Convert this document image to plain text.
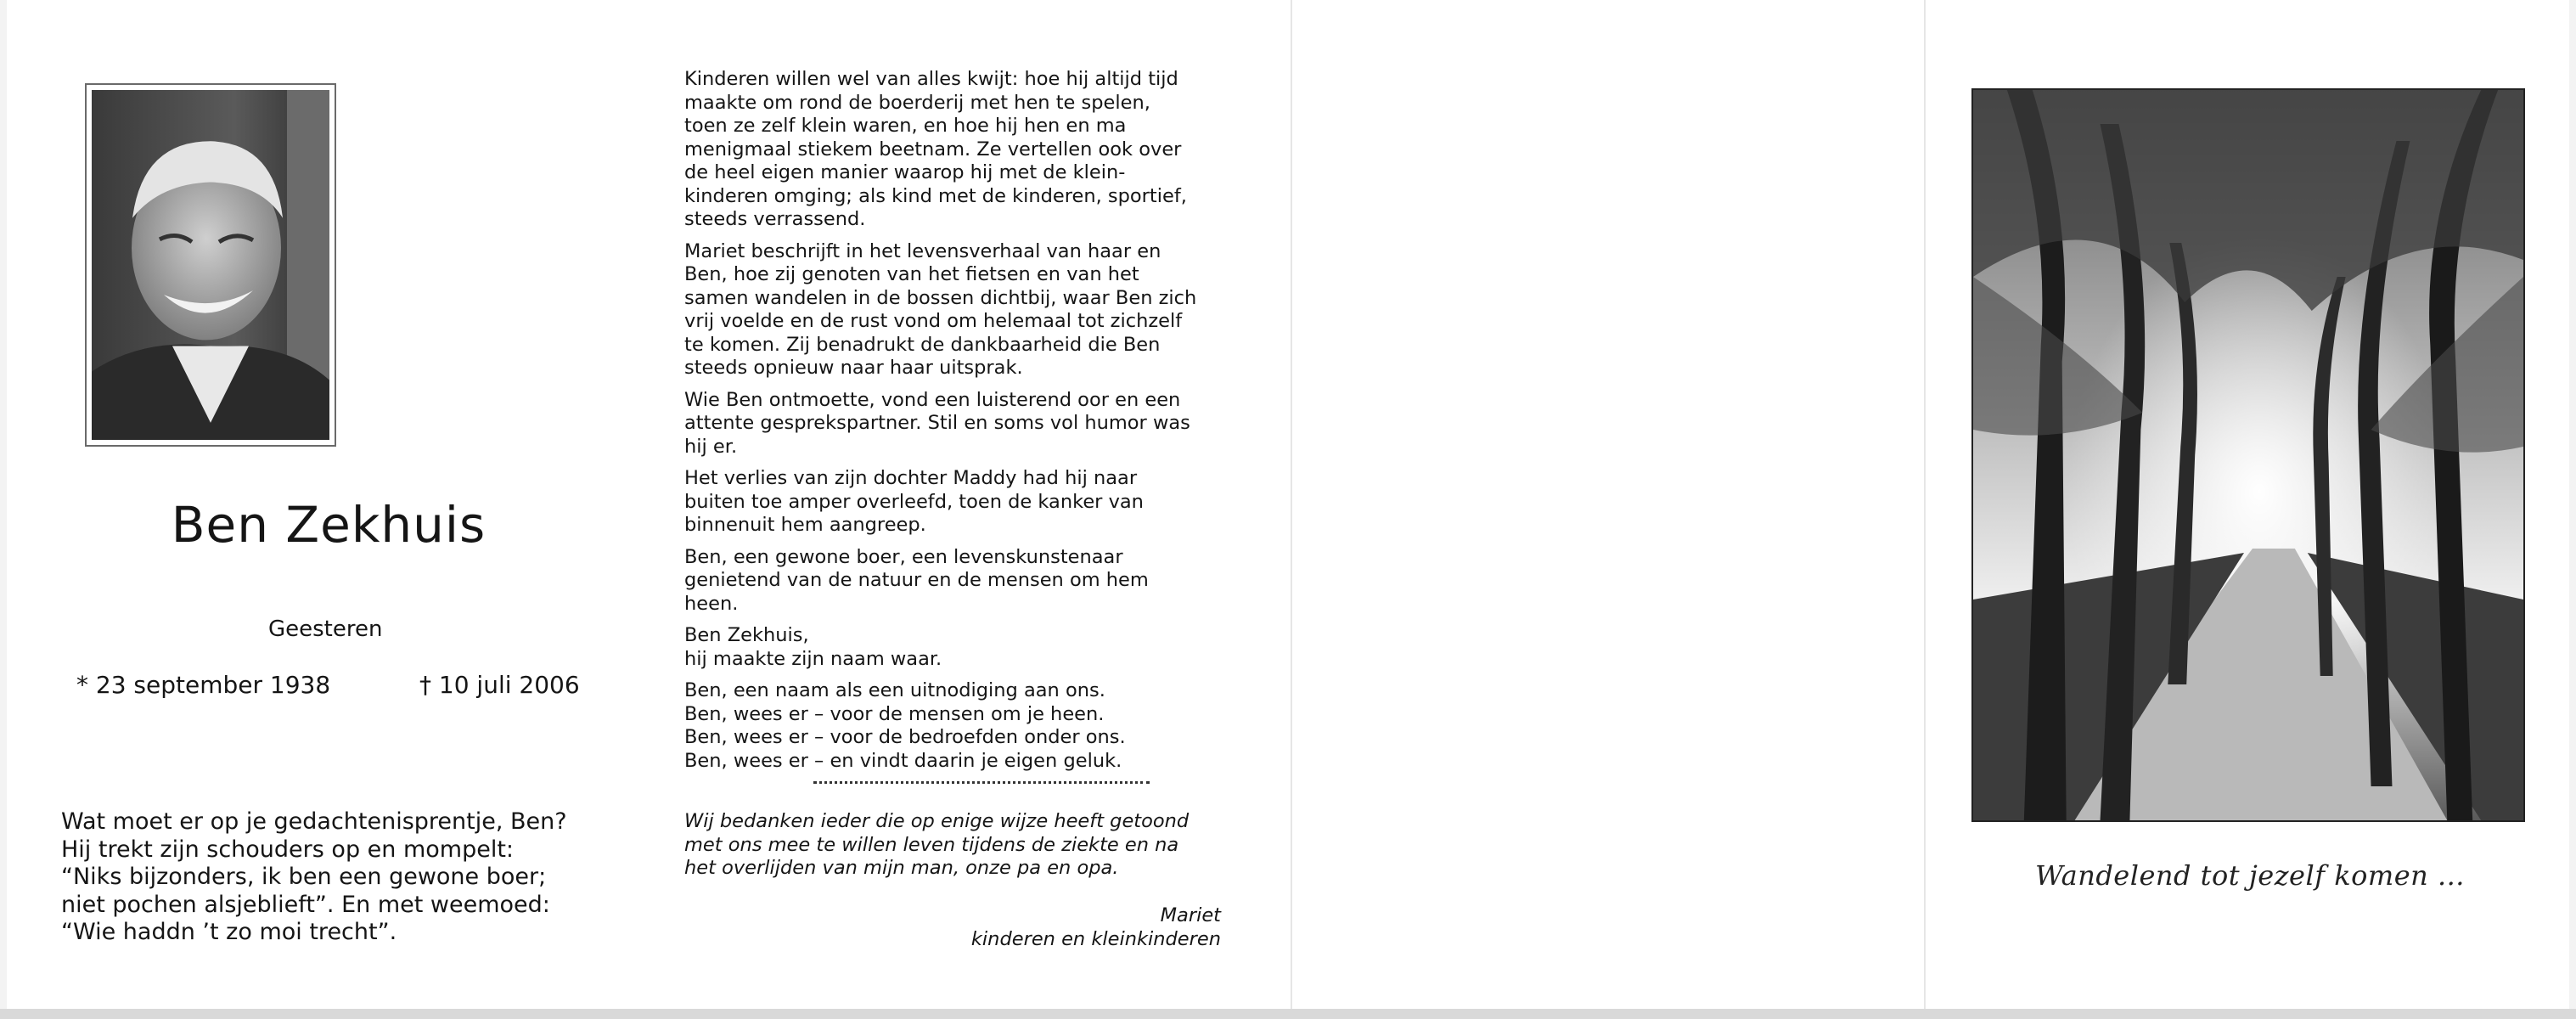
Ben Zekhuis
Geesteren
* 23 september 1938	† 10 juli 2006
Wat moet er op je gedachtenisprentje, Ben?
Hij trekt zijn schouders op en mompelt:
“Niks bijzonders, ik ben een gewone boer;
niet pochen alsjeblieft”. En met weemoed:
“Wie haddn ’t zo moi trecht”.

Kinderen willen wel van alles kwijt: hoe hij altijd tijd
maakte om rond de boerderij met hen te spelen,
toen ze zelf klein waren, en hoe hij hen en ma
menigmaal stiekem beetnam. Ze vertellen ook over
de heel eigen manier waarop hij met de klein-
kinderen omging; als kind met de kinderen, sportief,
steeds verrassend.

Mariet beschrijft in het levensverhaal van haar en
Ben, hoe zij genoten van het fietsen en van het
samen wandelen in de bossen dichtbij, waar Ben zich
vrij voelde en de rust vond om helemaal tot zichzelf
te komen. Zij benadrukt de dankbaarheid die Ben
steeds opnieuw naar haar uitsprak.

Wie Ben ontmoette, vond een luisterend oor en een
attente gesprekspartner. Stil en soms vol humor was
hij er.

Het verlies van zijn dochter Maddy had hij naar
buiten toe amper overleefd, toen de kanker van
binnenuit hem aangreep.

Ben, een gewone boer, een levenskunstenaar
genietend van de natuur en de mensen om hem
heen.

Ben Zekhuis,
hij maakte zijn naam waar.

Ben, een naam als een uitnodiging aan ons.
Ben, wees er – voor de mensen om je heen.
Ben, wees er – voor de bedroefden onder ons.
Ben, wees er – en vindt daarin je eigen geluk.

Wij bedanken ieder die op enige wijze heeft getoond
met ons mee te willen leven tijdens de ziekte en na
het overlijden van mijn man, onze pa en opa.
Mariet
kinderen en kleinkinderen
Wandelend tot jezelf komen ...
